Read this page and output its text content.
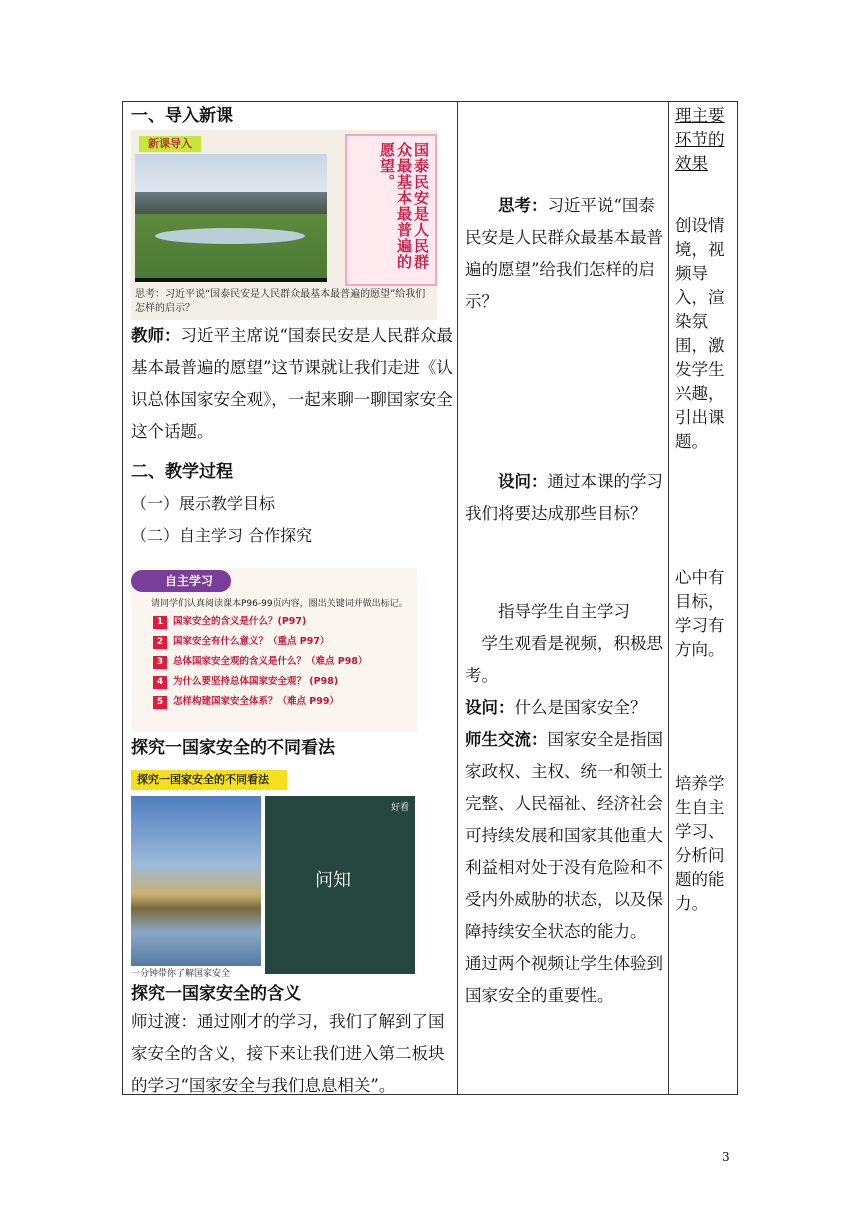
一、导入新课
新课导入	国泰民安是人民群众最基本最普遍的愿望。
思考：习近平说“国泰民安是人民群众最基本最普遍的愿望”给我们怎样的启示？

教师：习近平主席说“国泰民安是人民群众最基本最普遍的愿望”这节课就让我们走进《认识总体国家安全观》，一起来聊一聊国家安全这个话题。

二、教学过程

（一）展示教学目标

（二）自主学习 合作探究

自主学习
请同学们认真阅读课本P96-99页内容，圈出关键词并做出标记。
1 国家安全的含义是什么？(P97)
2 国家安全有什么意义？（重点 P97）
3 总体国家安全观的含义是什么？（难点 P98）
4 为什么要坚持总体国家安全观？ (P98)
5 怎样构建国家安全体系？（难点 P99）
探究一国家安全的不同看法
探究一国家安全的不同看法
一分钟带你了解国家安全
好看
问知
探究一国家安全的含义

师过渡：通过刚才的学习，我们了解到了国家安全的含义，接下来让我们进入第二板块的学习“国家安全与我们息息相关”。

思考：习近平说“国泰民安是人民群众最基本最普遍的愿望”给我们怎样的启示？

设问：通过本课的学习我们将要达成那些目标？

指导学生自主学习

学生观看是视频，积极思考。

设问：什么是国家安全？

师生交流：国家安全是指国家政权、主权、统一和领土完整、人民福祉、经济社会可持续发展和国家其他重大利益相对处于没有危险和不受内外威胁的状态，以及保障持续安全状态的能力。

通过两个视频让学生体验到国家安全的重要性。

理主要环节的效果

创设情境，视频导入，渲染氛围，激发学生兴趣，引出课题。

心中有目标，学习有方向。

培养学生自主学习、分析问题的能力。

3
